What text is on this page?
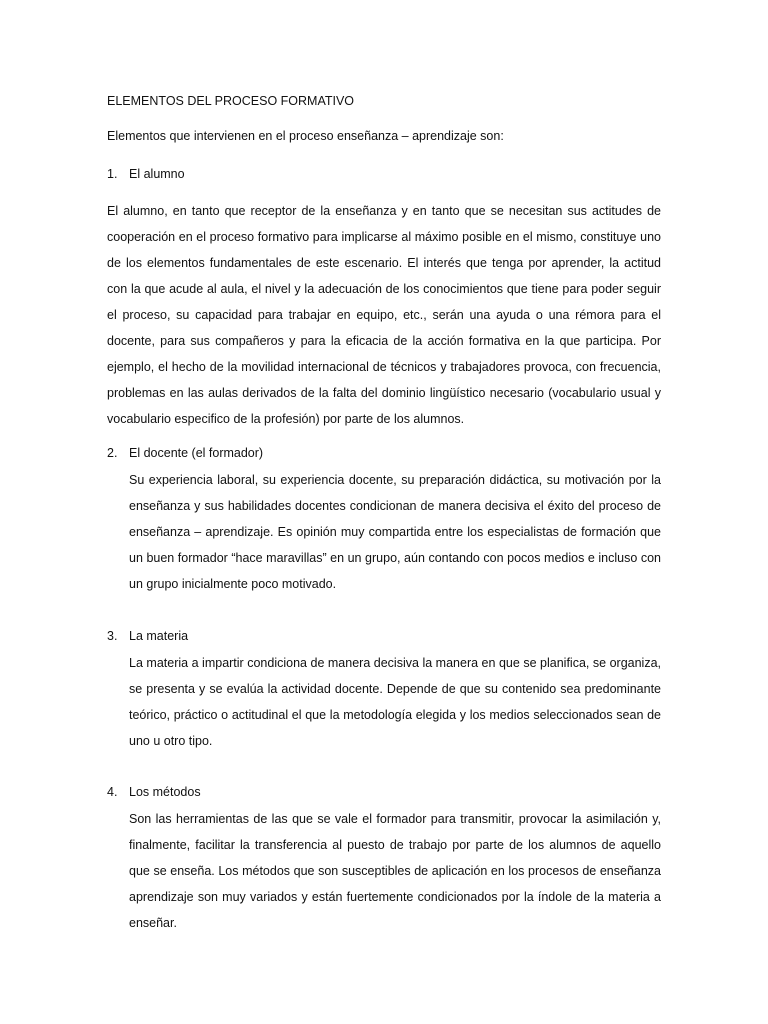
ELEMENTOS DEL PROCESO FORMATIVO
Elementos que intervienen en el proceso enseñanza – aprendizaje son:
1. El alumno
El alumno, en tanto que receptor de la enseñanza y en tanto que se necesitan sus actitudes de cooperación en el proceso formativo para implicarse al máximo posible en el mismo, constituye uno de los elementos fundamentales de este escenario. El interés que tenga por aprender, la actitud con la que acude al aula, el nivel y la adecuación de los conocimientos que tiene para poder seguir el proceso, su capacidad para trabajar en equipo, etc., serán una ayuda o una rémora para el docente, para sus compañeros y para la eficacia de la acción formativa en la que participa. Por ejemplo, el hecho de la movilidad internacional de técnicos y trabajadores provoca, con frecuencia, problemas en las aulas derivados de la falta del dominio lingüístico necesario (vocabulario usual y vocabulario especifico de la profesión) por parte de los alumnos.
2. El docente (el formador)
Su experiencia laboral, su experiencia docente, su preparación didáctica, su motivación por la enseñanza y sus habilidades docentes condicionan de manera decisiva el éxito del proceso de enseñanza – aprendizaje. Es opinión muy compartida entre los especialistas de formación que un buen formador “hace maravillas” en un grupo, aún contando con pocos medios e incluso con un grupo inicialmente poco motivado.
3. La materia
La materia a impartir condiciona de manera decisiva la manera en que se planifica, se organiza, se presenta y se evalúa la actividad docente. Depende de que su contenido sea predominante teórico, práctico o actitudinal el que la metodología elegida y los medios seleccionados sean de uno u otro tipo.
4. Los métodos
Son las herramientas de las que se vale el formador para transmitir, provocar la asimilación y, finalmente, facilitar la transferencia al puesto de trabajo por parte de los alumnos de aquello que se enseña. Los métodos que son susceptibles de aplicación en los procesos de enseñanza aprendizaje son muy variados y están fuertemente condicionados por la índole de la materia a enseñar.
